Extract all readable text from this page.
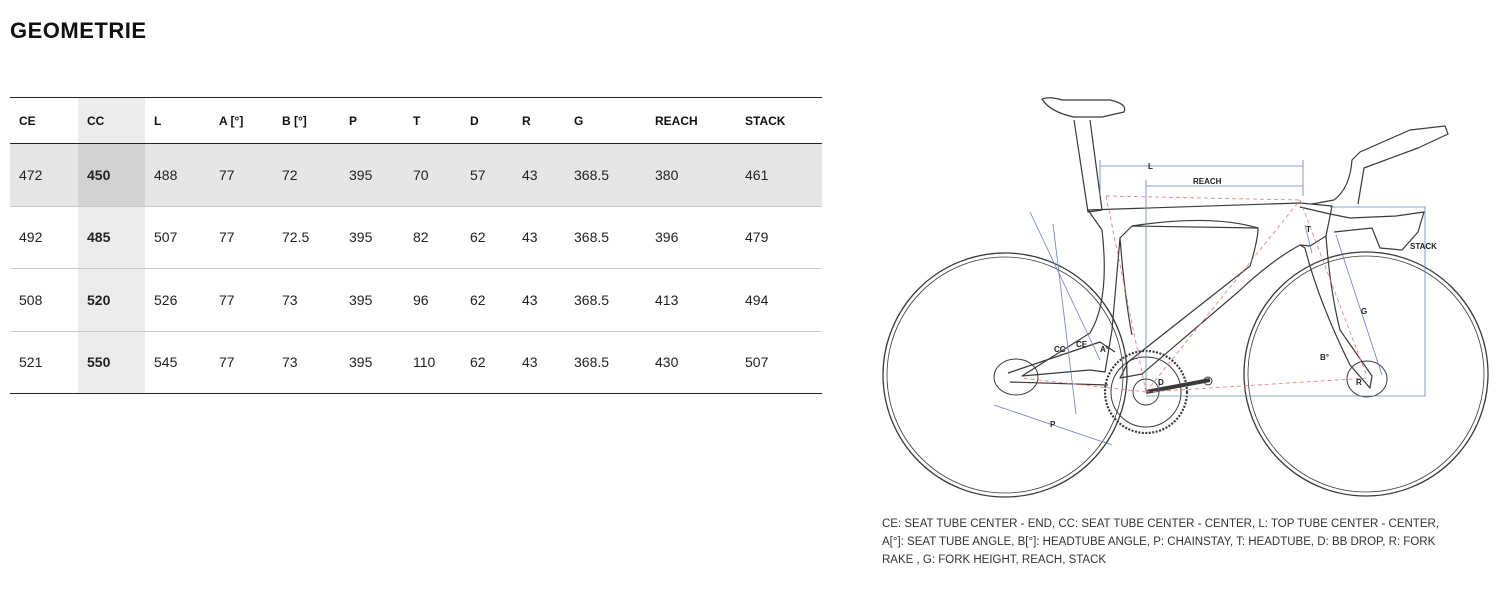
GEOMETRIE
CE	CC	L	A [°]	B [°]	P	T	D	R	G	REACH	STACK
472	450	488	77	72	395	70	57	43	368.5	380	461
492	485	507	77	72.5	395	82	62	43	368.5	396	479
508	520	526	77	73	395	96	62	43	368.5	413	494
521	550	545	77	73	395	110	62	43	368.5	430	507
L
REACH
T
STACK
G
CC
CE
A°
B°
D	R
P

CE: SEAT TUBE CENTER - END, CC: SEAT TUBE CENTER - CENTER, L: TOP TUBE CENTER - CENTER, A[°]: SEAT TUBE ANGLE, B[°]: HEADTUBE ANGLE, P: CHAINSTAY, T: HEADTUBE, D: BB DROP, R: FORK RAKE , G: FORK HEIGHT, REACH, STACK
